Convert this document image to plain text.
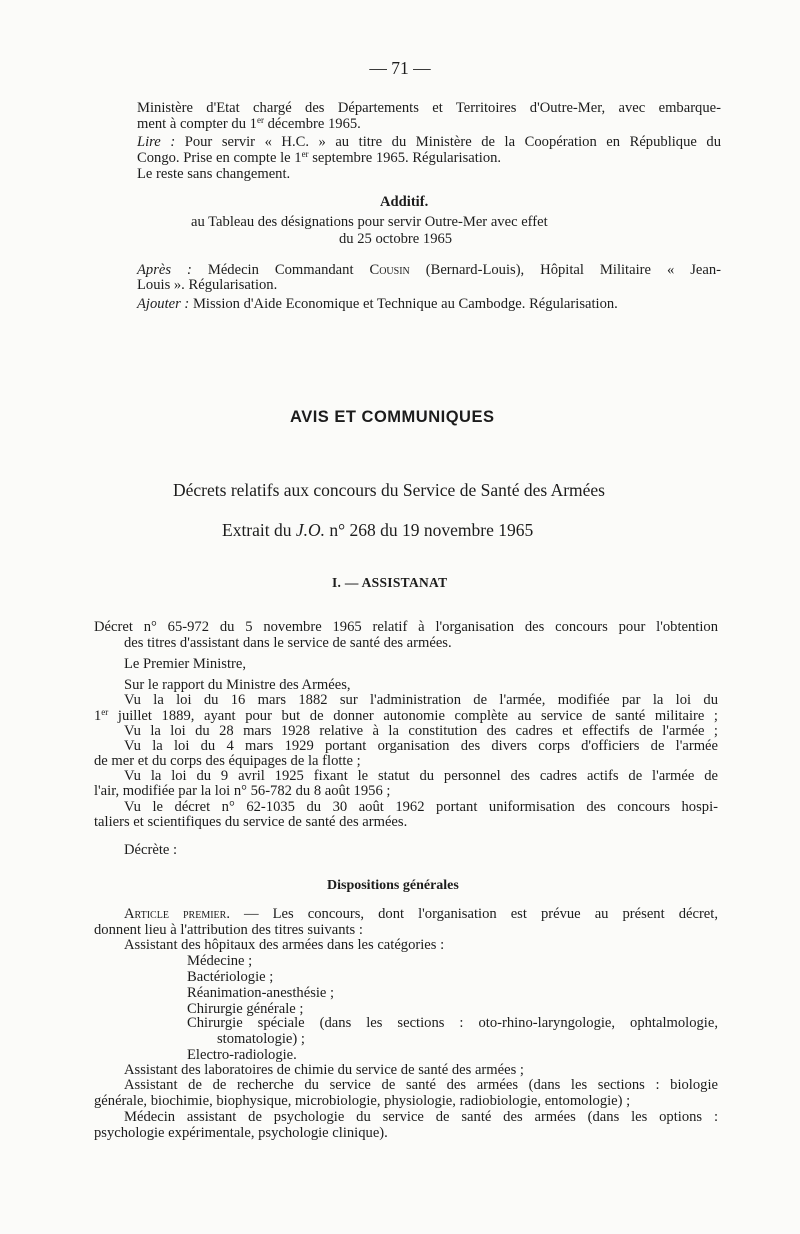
— 71 —
Ministère d'Etat chargé des Départements et Territoires d'Outre-Mer, avec embarque-
ment à compter du 1er décembre 1965.
Lire : Pour servir « H.C. » au titre du Ministère de la Coopération en République du
Congo. Prise en compte le 1er septembre 1965. Régularisation.
Le reste sans changement.
Additif.
au Tableau des désignations pour servir Outre-Mer avec effet
du 25 octobre 1965
Après : Médecin Commandant Cousin (Bernard-Louis), Hôpital Militaire « Jean-
Louis ». Régularisation.
Ajouter : Mission d'Aide Economique et Technique au Cambodge. Régularisation.
AVIS ET COMMUNIQUES
Décrets relatifs aux concours du Service de Santé des Armées
Extrait du J.O. n° 268 du 19 novembre 1965
I. — ASSISTANAT
Décret n° 65-972 du 5 novembre 1965 relatif à l'organisation des concours pour l'obtention
des titres d'assistant dans le service de santé des armées.
Le Premier Ministre,
Sur le rapport du Ministre des Armées,
Vu la loi du 16 mars 1882 sur l'administration de l'armée, modifiée par la loi du
1er juillet 1889, ayant pour but de donner autonomie complète au service de santé militaire ;
Vu la loi du 28 mars 1928 relative à la constitution des cadres et effectifs de l'armée ;
Vu la loi du 4 mars 1929 portant organisation des divers corps d'officiers de l'armée
de mer et du corps des équipages de la flotte ;
Vu la loi du 9 avril 1925 fixant le statut du personnel des cadres actifs de l'armée de
l'air, modifiée par la loi n° 56-782 du 8 août 1956 ;
Vu le décret n° 62-1035 du 30 août 1962 portant uniformisation des concours hospi-
taliers et scientifiques du service de santé des armées.
Décrète :
Dispositions générales
Article premier. — Les concours, dont l'organisation est prévue au présent décret,
donnent lieu à l'attribution des titres suivants :
Assistant des hôpitaux des armées dans les catégories :
Médecine ;
Bactériologie ;
Réanimation-anesthésie ;
Chirurgie générale ;
Chirurgie spéciale (dans les sections : oto-rhino-laryngologie, ophtalmologie,
stomatologie) ;
Electro-radiologie.
Assistant des laboratoires de chimie du service de santé des armées ;
Assistant de de recherche du service de santé des armées (dans les sections : biologie
générale, biochimie, biophysique, microbiologie, physiologie, radiobiologie, entomologie) ;
Médecin assistant de psychologie du service de santé des armées (dans les options :
psychologie expérimentale, psychologie clinique).
